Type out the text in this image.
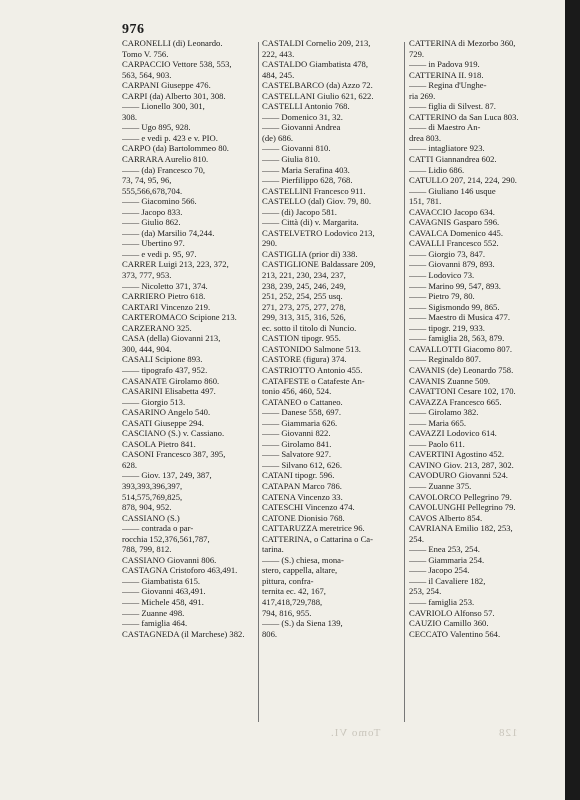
976
CARONELLI (di) Leonardo.
Tomo V. 756.
CARPACCIO Vettore 538, 553,
563, 564, 903.
CARPANI Giuseppe 476.
CARPI (da) Alberto 301, 308.
—— Lionello 300, 301,
308.
—— Ugo 895, 928.
—— e vedi p. 423 e v. PIO.
CARPO (da) Bartolommeo 80.
CARRARA Aurelio 810.
—— (da) Francesco 70,
73, 74, 95, 96,
555,566,678,704.
—— Giacomino 566.
—— Jacopo 833.
—— Giulio 862.
—— (da) Marsilio 74,244.
—— Ubertino 97.
—— e vedi p. 95, 97.
CARRER Luigi 213, 223, 372,
373, 777, 953.
—— Nicoletto 371, 374.
CARRIERO Pietro 618.
CARTARI Vincenzo 219.
CARTEROMACO Scipione 213.
CARZERANO 325.
CASA (della) Giovanni 213,
300, 444, 904.
CASALI Scipione 893.
—— tipografo 437, 952.
CASANATE Girolamo 860.
CASARINI Elisabetta 497.
—— Giorgio 513.
CASARINO Angelo 540.
CASATI Giuseppe 294.
CASCIANO (S.) v. Cassiano.
CASOLA Pietro 841.
CASONI Francesco 387, 395,
628.
—— Giov. 137, 249, 387,
393,393,396,397,
514,575,769,825,
878, 904, 952.
CASSIANO (S.)
—— contrada o par-
rocchia 152,376,561,787,
788, 799, 812.
CASSIANO Giovanni 806.
CASTAGNA Cristoforo 463,491.
—— Giambatista 615.
—— Giovanni 463,491.
—— Michele 458, 491.
—— Zuanne 498.
—— famiglia 464.
CASTAGNEDA (il Marchese) 382.
CASTALDI Cornelio 209, 213,
222, 443.
CASTALDO Giambatista 478,
484, 245.
CASTELBARCO (da) Azzo 72.
CASTELLANI Giulio 621, 622.
CASTELLI Antonio 768.
—— Domenico 31, 32.
—— Giovanni Andrea
(de) 686.
—— Giovanni 810.
—— Giulia 810.
—— Maria Serafina 403.
—— Pierfilippo 628, 768.
CASTELLINI Francesco 911.
CASTELLO (dal) Giov. 79, 80.
—— (di) Jacopo 581.
—— Città (di) v. Margarita.
CASTELVETRO Lodovico 213,
290.
CASTIGLIA (prior di) 338.
CASTIGLIONE Baldassare 209,
213, 221, 230, 234, 237,
238, 239, 245, 246, 249,
251, 252, 254, 255 usq.
271, 273, 275, 277, 278,
299, 313, 315, 316, 526,
ec. sotto il titolo di Nuncio.
CASTION tipogr. 955.
CASTONIDO Salmone 513.
CASTORE (figura) 374.
CASTRIOTTO Antonio 455.
CATAFESTE o Catafeste An-
tonio 456, 460, 524.
CATANEO o Cattaneo.
—— Danese 558, 697.
—— Giammaria 626.
—— Giovanni 822.
—— Girolamo 841.
—— Salvatore 927.
—— Silvano 612, 626.
CATANI tipogr. 596.
CATAPAN Marco 786.
CATENA Vincenzo 33.
CATESCHI Vincenzo 474.
CATONE Dionisio 768.
CATTARUZZA meretrice 96.
CATTERINA, o Cattarina o Ca-
tarina.
—— (S.) chiesa, mona-
stero, cappella, altare,
pittura, confra-
ternita ec. 42, 167,
417,418,729,788,
794, 816, 955.
—— (S.) da Siena 139,
806.
CATTERINA di Mezorbo 360,
729.
—— in Padova 919.
CATTERINA II. 918.
—— Regina d'Unghe-
ria 269.
—— figlia di Silvest. 87.
CATTERINO da San Luca 803.
—— di Maestro An-
drea 803.
—— intagliatore 923.
CATTI Giannandrea 602.
—— Lidio 686.
CATULLO 207, 214, 224, 290.
—— Giuliano 146 usque
151, 781.
CAVACCIO Jacopo 634.
CAVAGNIS Gasparo 596.
CAVALCA Domenico 445.
CAVALLI Francesco 552.
—— Giorgio 73, 847.
—— Giovanni 879, 893.
—— Lodovico 73.
—— Marino 99, 547, 893.
—— Pietro 79, 80.
—— Sigismondo 99, 865.
—— Maestro di Musica 477.
—— tipogr. 219, 933.
—— famiglia 28, 563, 879.
CAVALLOTTI Giacomo 807.
—— Reginaldo 807.
CAVANIS (de) Leonardo 758.
CAVANIS Zuanne 509.
CAVATTONI Cesare 102, 170.
CAVAZZA Francesco 665.
—— Girolamo 382.
—— Maria 665.
CAVAZZI Lodovico 614.
—— Paolo 611.
CAVERTINI Agostino 452.
CAVINO Giov. 213, 287, 302.
CAVODURO Giovanni 524.
—— Zuanne 375.
CAVOLORCO Pellegrino 79.
CAVOLUNGHI Pellegrino 79.
CAVOS Alberto 854.
CAVRIANA Emilio 182, 253,
254.
—— Enea 253, 254.
—— Giammaria 254.
—— Jacopo 254.
—— il Cavaliere 182,
253, 254.
—— famiglia 253.
CAVRIOLO Alfonso 57.
CAUZIO Camillo 360.
CECCATO Valentino 564.
Tomo VI.	128
